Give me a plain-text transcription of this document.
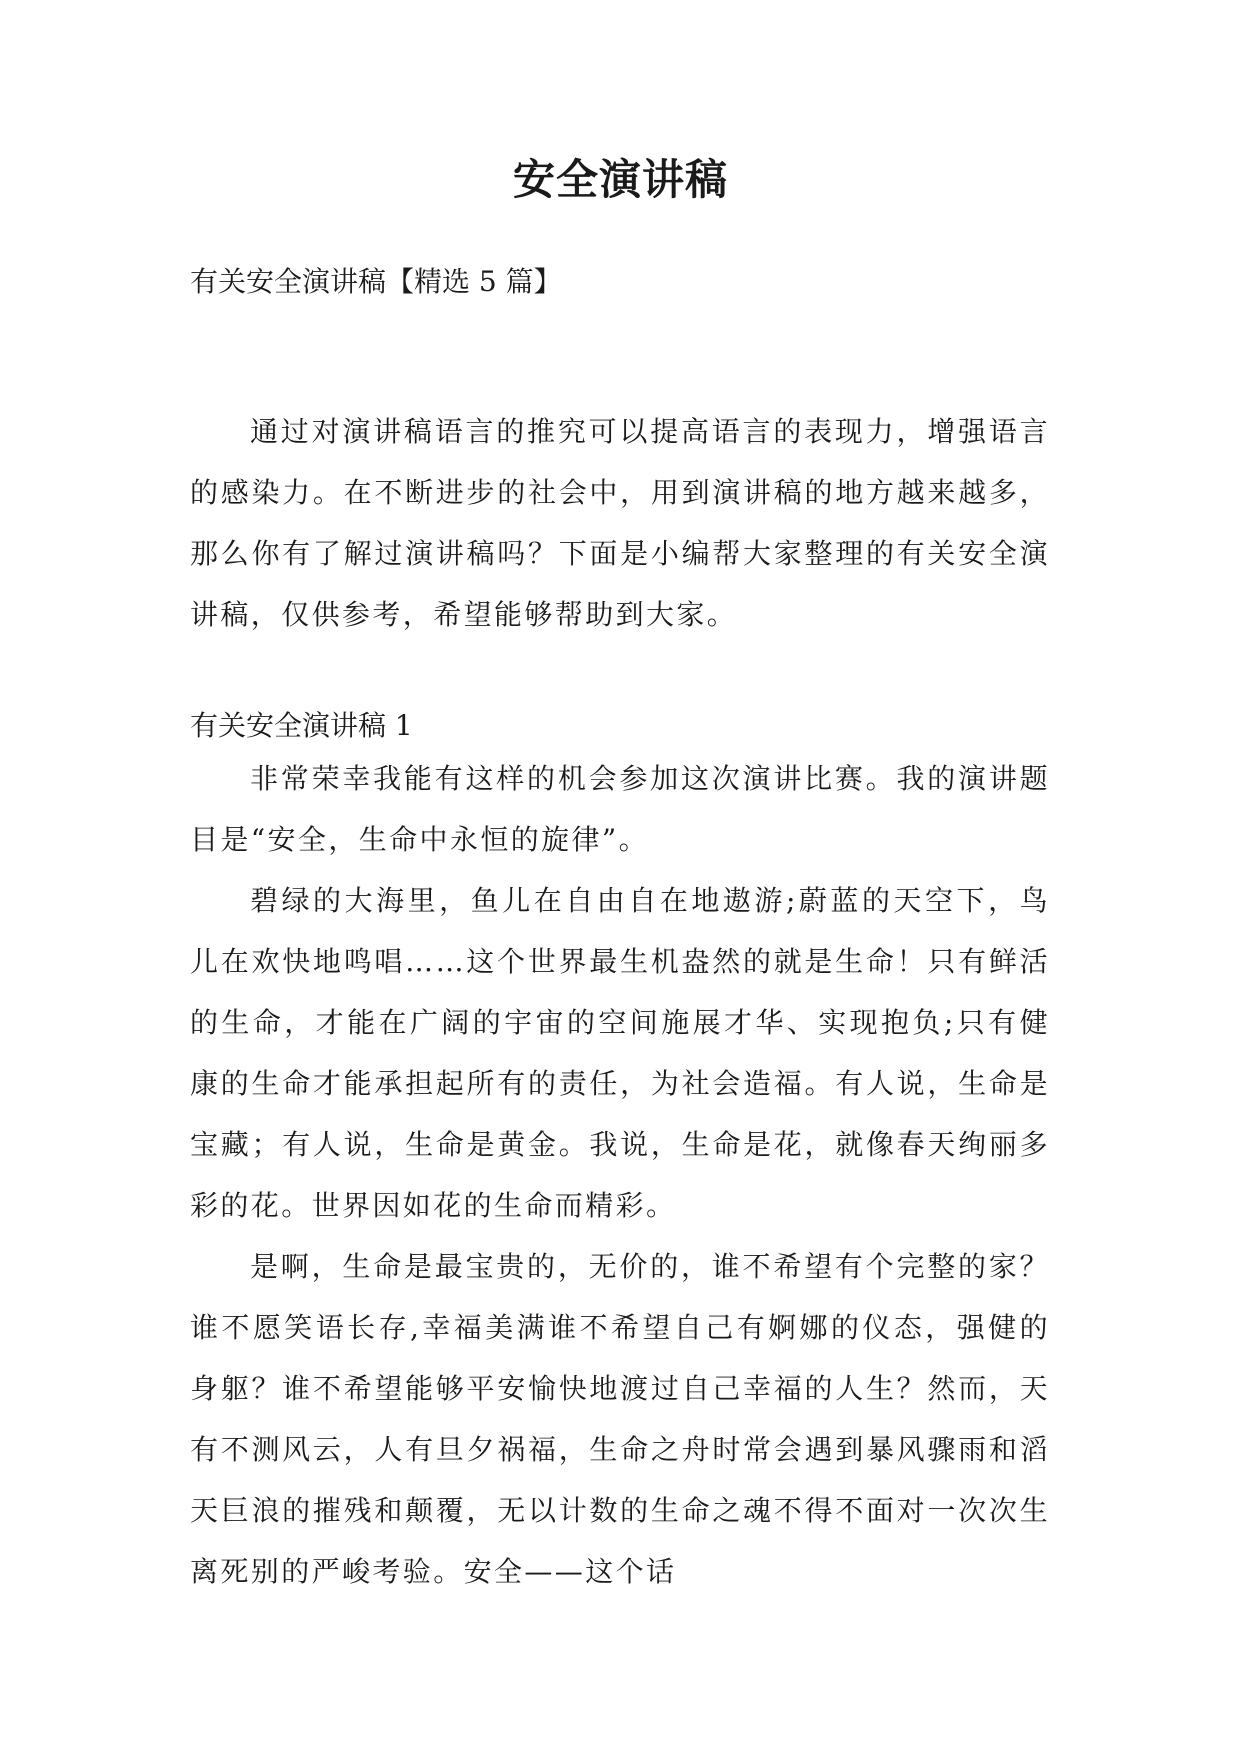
安全演讲稿
有关安全演讲稿【精选 5 篇】

通过对演讲稿语言的推究可以提高语言的表现力，增强语言的感染力。在不断进步的社会中，用到演讲稿的地方越来越多，那么你有了解过演讲稿吗？下面是小编帮大家整理的有关安全演讲稿，仅供参考，希望能够帮助到大家。

有关安全演讲稿 1

非常荣幸我能有这样的机会参加这次演讲比赛。我的演讲题目是“安全，生命中永恒的旋律”。

碧绿的大海里，鱼儿在自由自在地遨游;蔚蓝的天空下，鸟儿在欢快地鸣唱……这个世界最生机盎然的就是生命！只有鲜活的生命，才能在广阔的宇宙的空间施展才华、实现抱负;只有健康的生命才能承担起所有的责任，为社会造福。有人说，生命是宝藏；有人说，生命是黄金。我说，生命是花，就像春天绚丽多彩的花。世界因如花的生命而精彩。

是啊，生命是最宝贵的，无价的，谁不希望有个完整的家？谁不愿笑语长存,幸福美满谁不希望自己有婀娜的仪态，强健的身躯？谁不希望能够平安愉快地渡过自己幸福的人生？然而，天有不测风云，人有旦夕祸福，生命之舟时常会遇到暴风骤雨和滔天巨浪的摧残和颠覆，无以计数的生命之魂不得不面对一次次生离死别的严峻考验。安全——这个话
